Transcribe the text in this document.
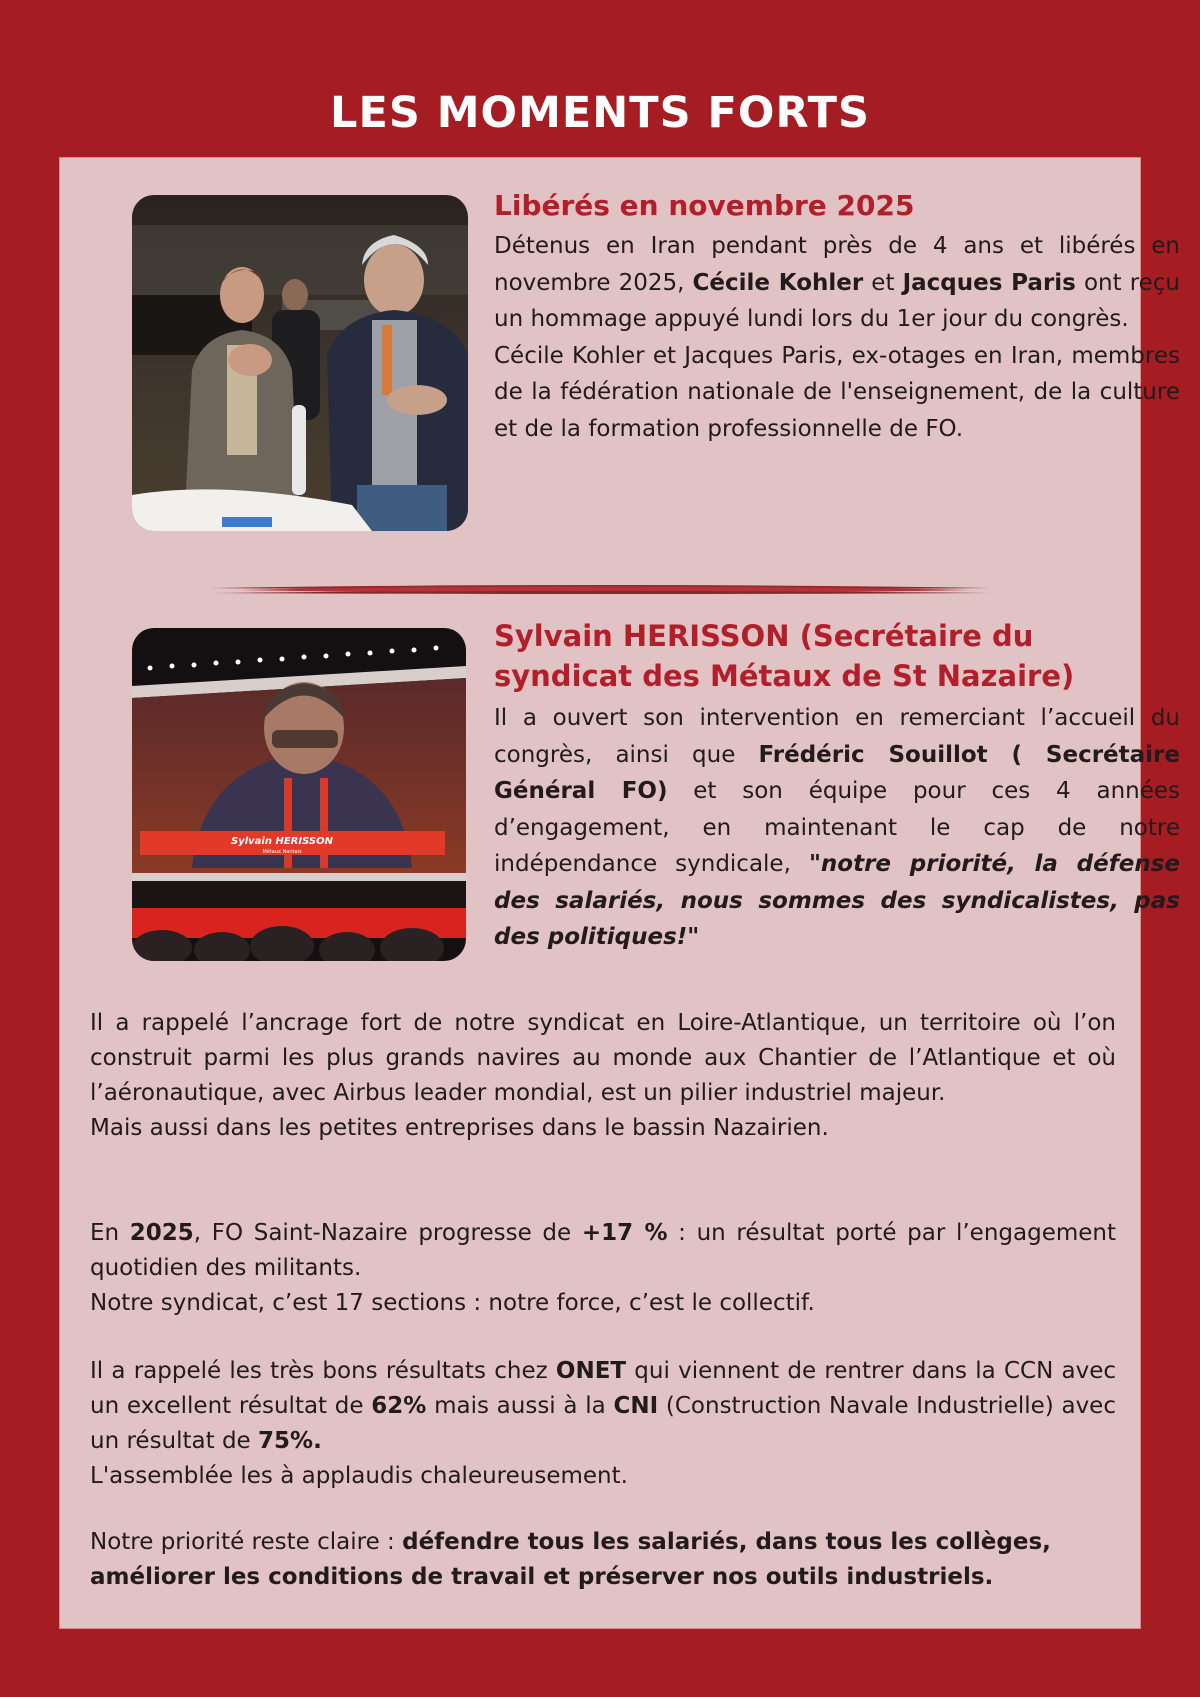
LES MOMENTS FORTS
Libérés en novembre 2025

Détenus en Iran pendant près de 4 ans et libérés en novembre 2025, Cécile Kohler et Jacques Paris ont reçu un hommage appuyé lundi lors du 1er jour du congrès.
Cécile Kohler et Jacques Paris, ex-otages en Iran, membres de la fédération nationale de l'enseignement, de la culture et de la formation professionnelle de FO.

Sylvain HERISSON
Métaux Nantais
Sylvain HERISSON (Secrétaire du syndicat des Métaux de St Nazaire)

Il a ouvert son intervention en remerciant l’accueil du congrès, ainsi que Frédéric Souillot ( Secrétaire Général FO) et son équipe pour ces 4 années d’engagement, en maintenant le cap de notre indépendance syndicale, "notre priorité, la défense des salariés, nous sommes des syndicalistes, pas des politiques!"

Il a rappelé l’ancrage fort de notre syndicat en Loire-Atlantique, un territoire où l’on construit parmi les plus grands navires au monde aux Chantier de l’Atlantique et où l’aéronautique, avec Airbus leader mondial, est un pilier industriel majeur.
Mais aussi dans les petites entreprises dans le bassin Nazairien.
En 2025, FO Saint-Nazaire progresse de +17 % : un résultat porté par l’engagement quotidien des militants.
Notre syndicat, c’est 17 sections : notre force, c’est le collectif.
Il a rappelé les très bons résultats chez ONET qui viennent de rentrer dans la CCN avec un excellent résultat de 62% mais aussi à la CNI (Construction Navale Industrielle) avec un résultat de 75%.
L'assemblée les à applaudis chaleureusement.
Notre priorité reste claire : défendre tous les salariés, dans tous les collèges, améliorer les conditions de travail et préserver nos outils industriels.
